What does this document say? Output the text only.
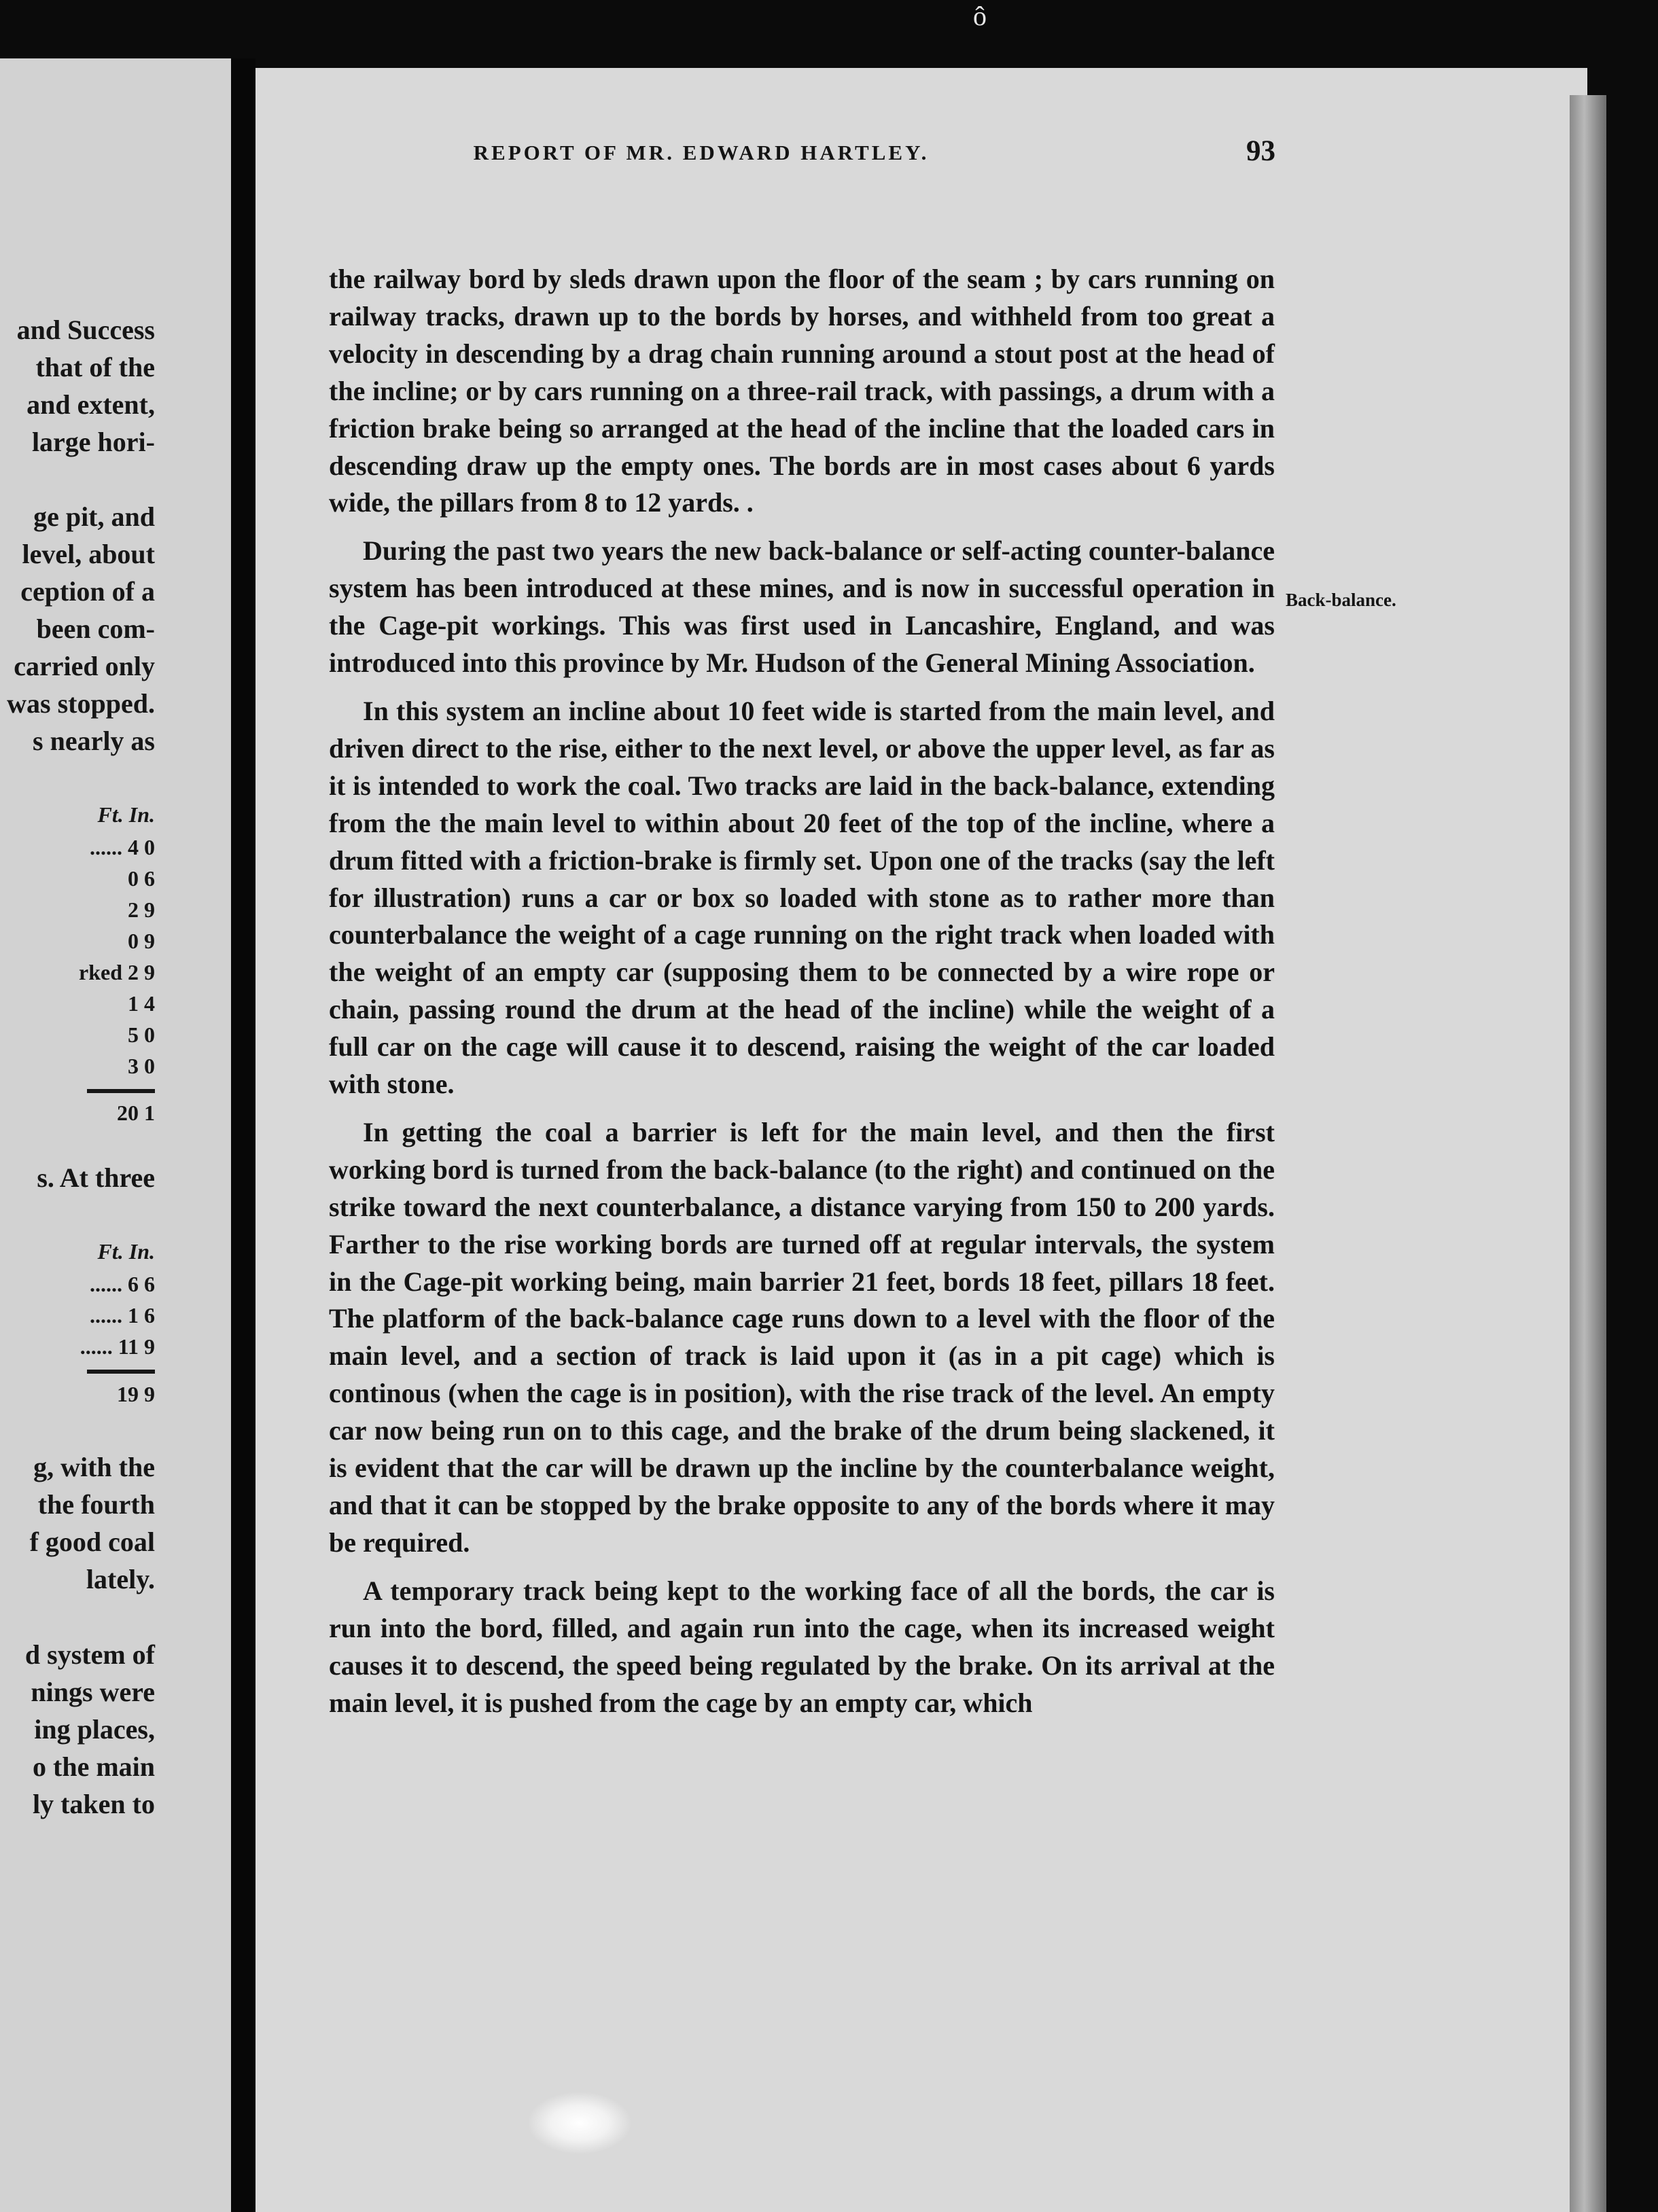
ô
and Success
that of the
and extent,
large hori-
ge pit, and
level, about
ception of a
been com-
carried only
was stopped.
s nearly as
Ft. In.
...... 4 0
0 6
2 9
0 9
rked 2 9
1 4
5 0
3 0
20 1
s. At three
Ft. In.
...... 6 6
...... 1 6
...... 11 9
19 9
g, with the
the fourth
f good coal
lately.
d system of
nings were
ing places,
o the main
ly taken to
REPORT OF MR. EDWARD HARTLEY.	93
Back-balance.

the railway bord by sleds drawn upon the floor of the seam ; by cars running on railway tracks, drawn up to the bords by horses, and withheld from too great a velocity in descending by a drag chain running around a stout post at the head of the incline; or by cars running on a three-rail track, with passings, a drum with a friction brake being so arranged at the head of the incline that the loaded cars in descending draw up the empty ones. The bords are in most cases about 6 yards wide, the pillars from 8 to 12 yards. .

During the past two years the new back-balance or self-acting counter-balance system has been introduced at these mines, and is now in successful operation in the Cage-pit workings. This was first used in Lancashire, England, and was introduced into this province by Mr. Hudson of the General Mining Association.

In this system an incline about 10 feet wide is started from the main level, and driven direct to the rise, either to the next level, or above the upper level, as far as it is intended to work the coal. Two tracks are laid in the back-balance, extending from the the main level to within about 20 feet of the top of the incline, where a drum fitted with a friction-brake is firmly set. Upon one of the tracks (say the left for illustration) runs a car or box so loaded with stone as to rather more than counterbalance the weight of a cage running on the right track when loaded with the weight of an empty car (supposing them to be connected by a wire rope or chain, passing round the drum at the head of the incline) while the weight of a full car on the cage will cause it to descend, raising the weight of the car loaded with stone.

In getting the coal a barrier is left for the main level, and then the first working bord is turned from the back-balance (to the right) and continued on the strike toward the next counterbalance, a distance varying from 150 to 200 yards. Farther to the rise working bords are turned off at regular intervals, the system in the Cage-pit working being, main barrier 21 feet, bords 18 feet, pillars 18 feet. The platform of the back-balance cage runs down to a level with the floor of the main level, and a section of track is laid upon it (as in a pit cage) which is continous (when the cage is in position), with the rise track of the level. An empty car now being run on to this cage, and the brake of the drum being slackened, it is evident that the car will be drawn up the incline by the counterbalance weight, and that it can be stopped by the brake opposite to any of the bords where it may be required.

A temporary track being kept to the working face of all the bords, the car is run into the bord, filled, and again run into the cage, when its increased weight causes it to descend, the speed being regulated by the brake. On its arrival at the main level, it is pushed from the cage by an empty car, which
